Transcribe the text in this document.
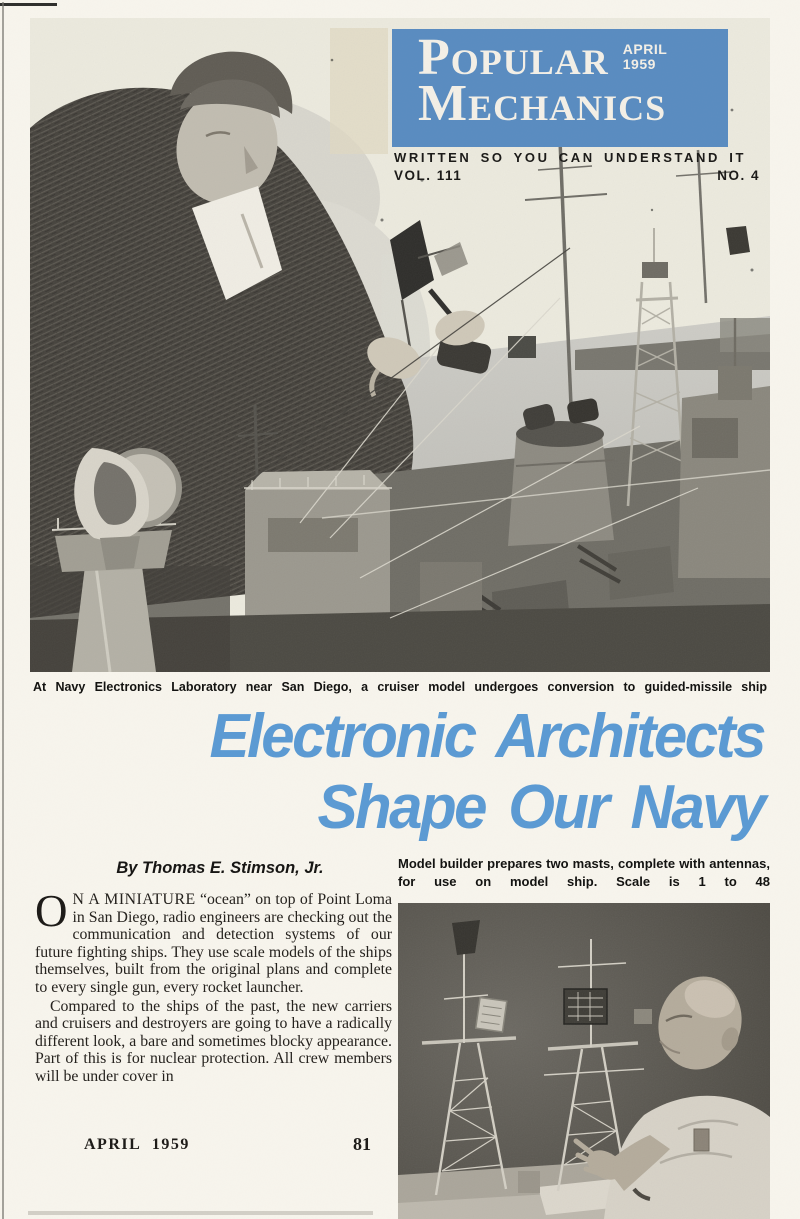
Popular APRIL
1959
Mechanics
WRITTEN SO YOU CAN UNDERSTAND IT
VOL. 111	NO. 4
At Navy Electronics Laboratory near San Diego, a cruiser model undergoes conversion to guided-missile ship
Electronic Architects
Shape Our Navy
By Thomas E. Stimson, Jr.

O N A MINIATURE “ocean” on top of Point Loma in San Diego, radio engineers are checking out the communication and detection systems of our future fighting ships. They use scale models of the ships themselves, built from the original plans and complete to every single gun, every rocket launcher.

Compared to the ships of the past, the new carriers and cruisers and destroyers are going to have a radically different look, a bare and sometimes blocky appearance. Part of this is for nuclear protection. All crew members will be under cover in

Model builder prepares two masts, complete with antennas, for use on model ship. Scale is 1 to 48
APRIL 1959	81
